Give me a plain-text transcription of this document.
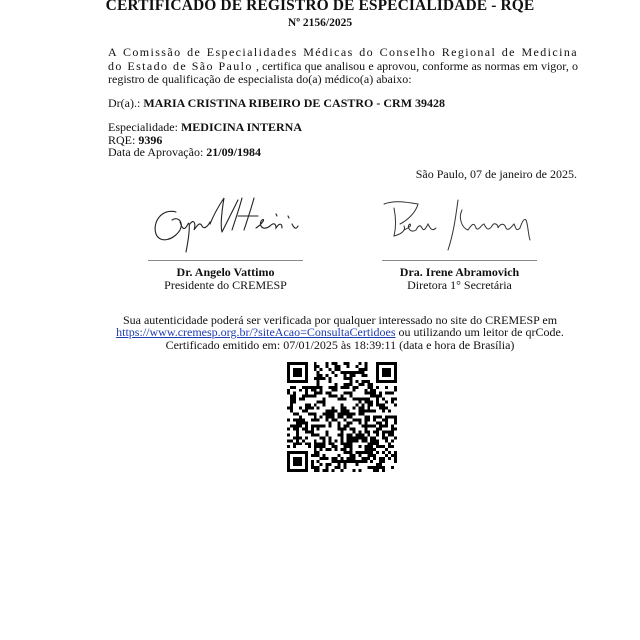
CERTIFICADO DE REGISTRO DE ESPECIALIDADE - RQE
Nº 2156/2025
A Comissão de Especialidades Médicas do Conselho Regional de Medicina do Estado de São Paulo , certifica que analisou e aprovou, conforme as normas em vigor, o registro de qualificação de especialista do(a) médico(a) abaixo:
Dr(a).: MARIA CRISTINA RIBEIRO DE CASTRO - CRM 39428
Especialidade: MEDICINA INTERNA
RQE: 9396
Data de Aprovação: 21/09/1984
São Paulo, 07 de janeiro de 2025.
Dr. Angelo Vattimo
Presidente do CREMESP
Dra. Irene Abramovich
Diretora 1° Secretária
Sua autenticidade poderá ser verificada por qualquer interessado no site do CREMESP em
https://www.cremesp.org.br/?siteAcao=ConsultaCertidoes ou utilizando um leitor de qrCode.
Certificado emitido em: 07/01/2025 às 18:39:11 (data e hora de Brasília)
